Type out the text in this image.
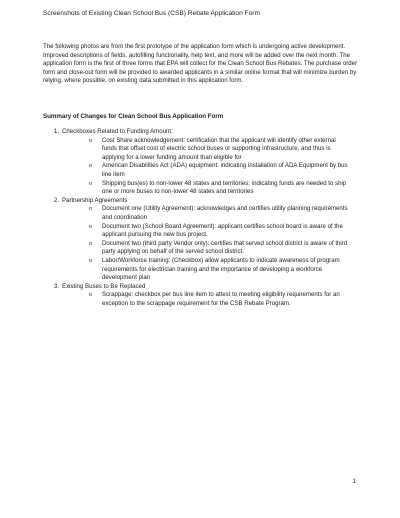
Screenshots of Existing Clean School Bus (CSB) Rebate Application Form

The following photos are from the first prototype of the application form which is undergoing active development. Improved descriptions of fields, autofilling functionality, help text, and more will be added over the next month. The application form is the first of three forms that EPA will collect for the Clean School Bus Rebates. The purchase order form and close-out form will be provided to awarded applicants in a similar online format that will minimize burden by relying, where possible, on existing data submitted in this application form.

Summary of Changes for Clean School Bus Application Form
1. Checkboxes Related to Funding Amount:
o Cost Share acknowledgement: certification that the applicant will identify other external funds that offset cost of electric school buses or supporting infrastructure, and thus is applying for a lower funding amount than eligible for
o American Disabilities Act (ADA) equipment: indicating installation of ADA Equipment by bus line item
o Shipping bus(es) to non-lower 48 states and territories: indicating funds are needed to ship one or more buses to non-lower 48 states and territories
2. Partnership Agreements
o Document one (Utility Agreement): acknowledges and certifies utility planning requirements and coordination
o Document two (School Board Agreement): applicant certifies school board is aware of the applicant pursuing the new bus project.
o Document two (third party Vendor only): certifies that served school district is aware of third party applying on behalf of the served school district.
o Labor/Workforce training: (Checkbox) allow applicants to indicate awareness of program requirements for electrician training and the importance of developing a workforce development plan
3. Existing Buses to Be Replaced
o Scrappage: checkbox per bus line item to attest to meeting eligibility requirements for an exception to the scrappage requirement for the CSB Rebate Program.
1
